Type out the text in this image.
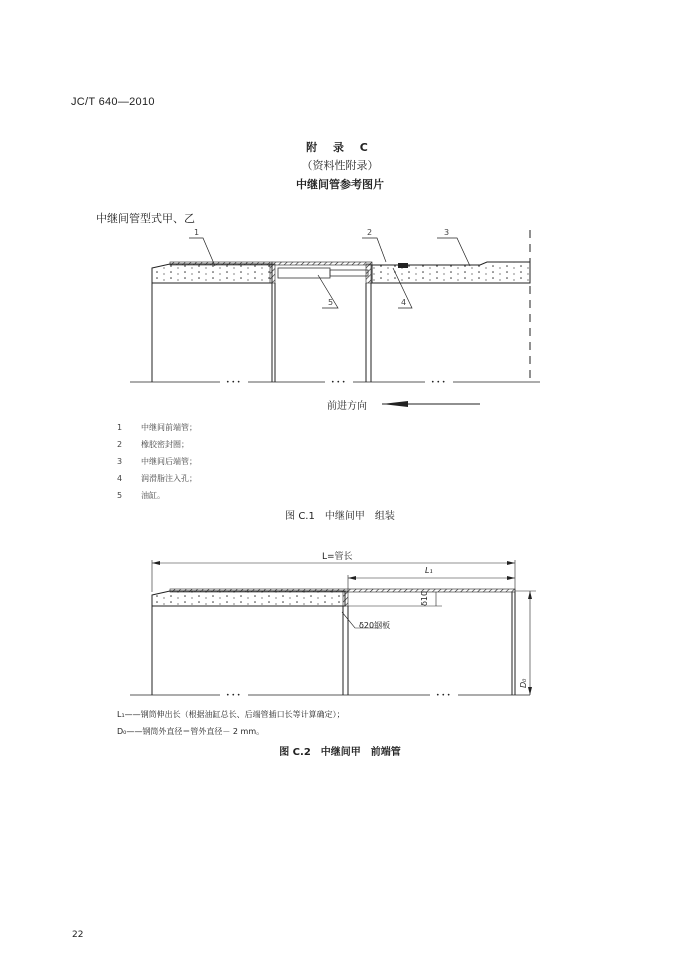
JC/T 640—2010
附 录 C
（资料性附录）
中继间管参考图片
中继间管型式甲、乙
• • •	• • •	• • •
• • •	• • •
1	2	3
4
5
前进方向
1 中继间前端管；
2 橡胶密封圈；
3 中继间后端管；
4 润滑脂注入孔；
5 油缸。
图 C.1　中继间甲　组装
L=管长
L₁
δ10
δ20钢板
D₀
L₁——钢筒伸出长（根据油缸总长、后端管插口长等计算确定）；
D₀——钢筒外直径＝管外直径－ 2 mm。
图 C.2　中继间甲　前端管
22
